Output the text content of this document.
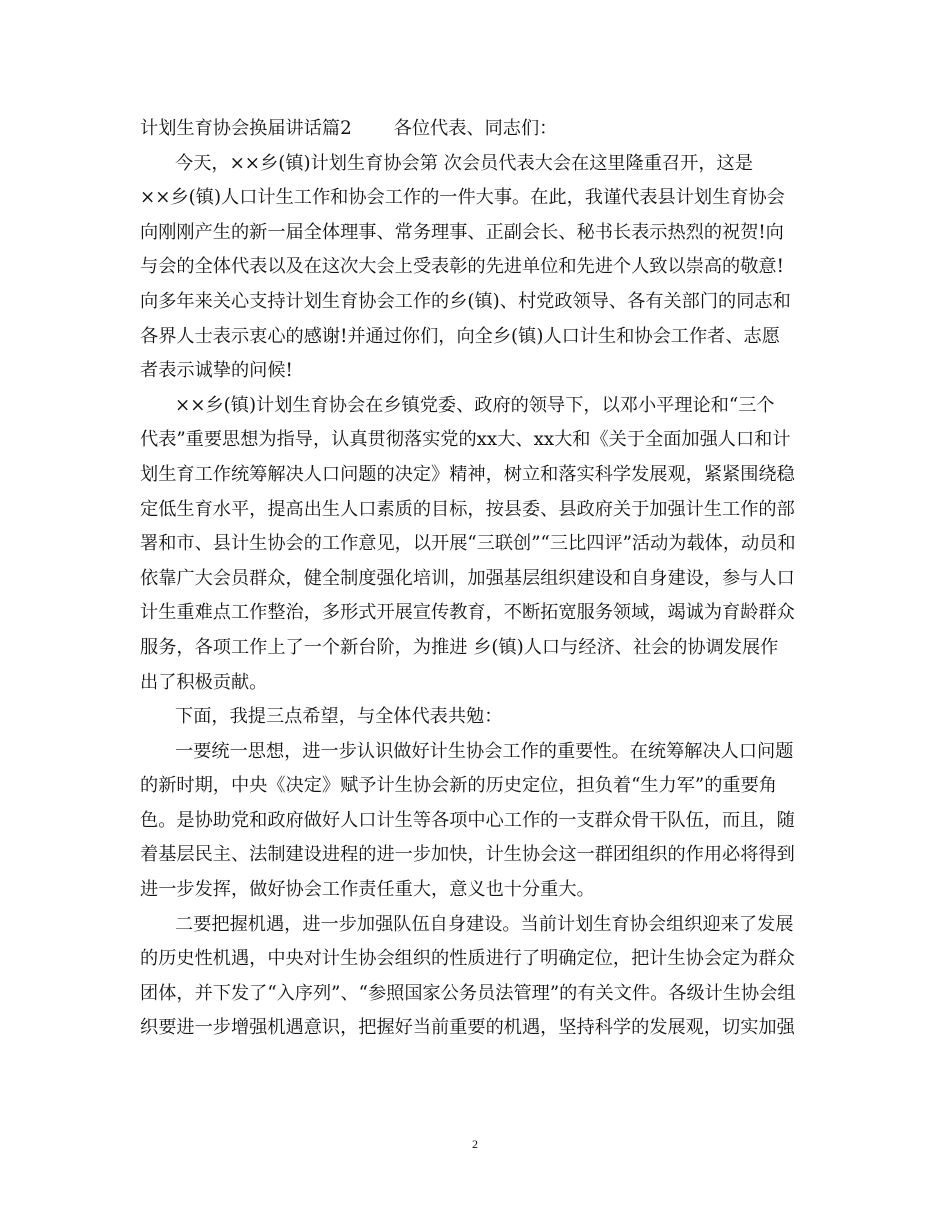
计划生育协会换届讲话篇2 各位代表、同志们：
今天，××乡(镇)计划生育协会第 次会员代表大会在这里隆重召开，这是
××乡(镇)人口计生工作和协会工作的一件大事。在此，我谨代表县计划生育协会
向刚刚产生的新一届全体理事、常务理事、正副会长、秘书长表示热烈的祝贺!向
与会的全体代表以及在这次大会上受表彰的先进单位和先进个人致以崇高的敬意!
向多年来关心支持计划生育协会工作的乡(镇)、村党政领导、各有关部门的同志和
各界人士表示衷心的感谢!并通过你们，向全乡(镇)人口计生和协会工作者、志愿
者表示诚挚的问候!
××乡(镇)计划生育协会在乡镇党委、政府的领导下，以邓小平理论和“三个
代表”重要思想为指导，认真贯彻落实党的xx大、xx大和《关于全面加强人口和计
划生育工作统筹解决人口问题的决定》精神，树立和落实科学发展观，紧紧围绕稳
定低生育水平，提高出生人口素质的目标，按县委、县政府关于加强计生工作的部
署和市、县计生协会的工作意见，以开展“三联创”“三比四评”活动为载体，动员和
依靠广大会员群众，健全制度强化培训，加强基层组织建设和自身建设，参与人口
计生重难点工作整治，多形式开展宣传教育，不断拓宽服务领域，竭诚为育龄群众
服务，各项工作上了一个新台阶，为推进 乡(镇)人口与经济、社会的协调发展作
出了积极贡献。
下面，我提三点希望，与全体代表共勉：
一要统一思想，进一步认识做好计生协会工作的重要性。在统筹解决人口问题
的新时期，中央《决定》赋予计生协会新的历史定位，担负着“生力军”的重要角
色。是协助党和政府做好人口计生等各项中心工作的一支群众骨干队伍，而且，随
着基层民主、法制建设进程的进一步加快，计生协会这一群团组织的作用必将得到
进一步发挥，做好协会工作责任重大，意义也十分重大。
二要把握机遇，进一步加强队伍自身建设。当前计划生育协会组织迎来了发展
的历史性机遇，中央对计生协会组织的性质进行了明确定位，把计生协会定为群众
团体，并下发了“入序列”、“参照国家公务员法管理”的有关文件。各级计生协会组
织要进一步增强机遇意识，把握好当前重要的机遇，坚持科学的发展观，切实加强
2
